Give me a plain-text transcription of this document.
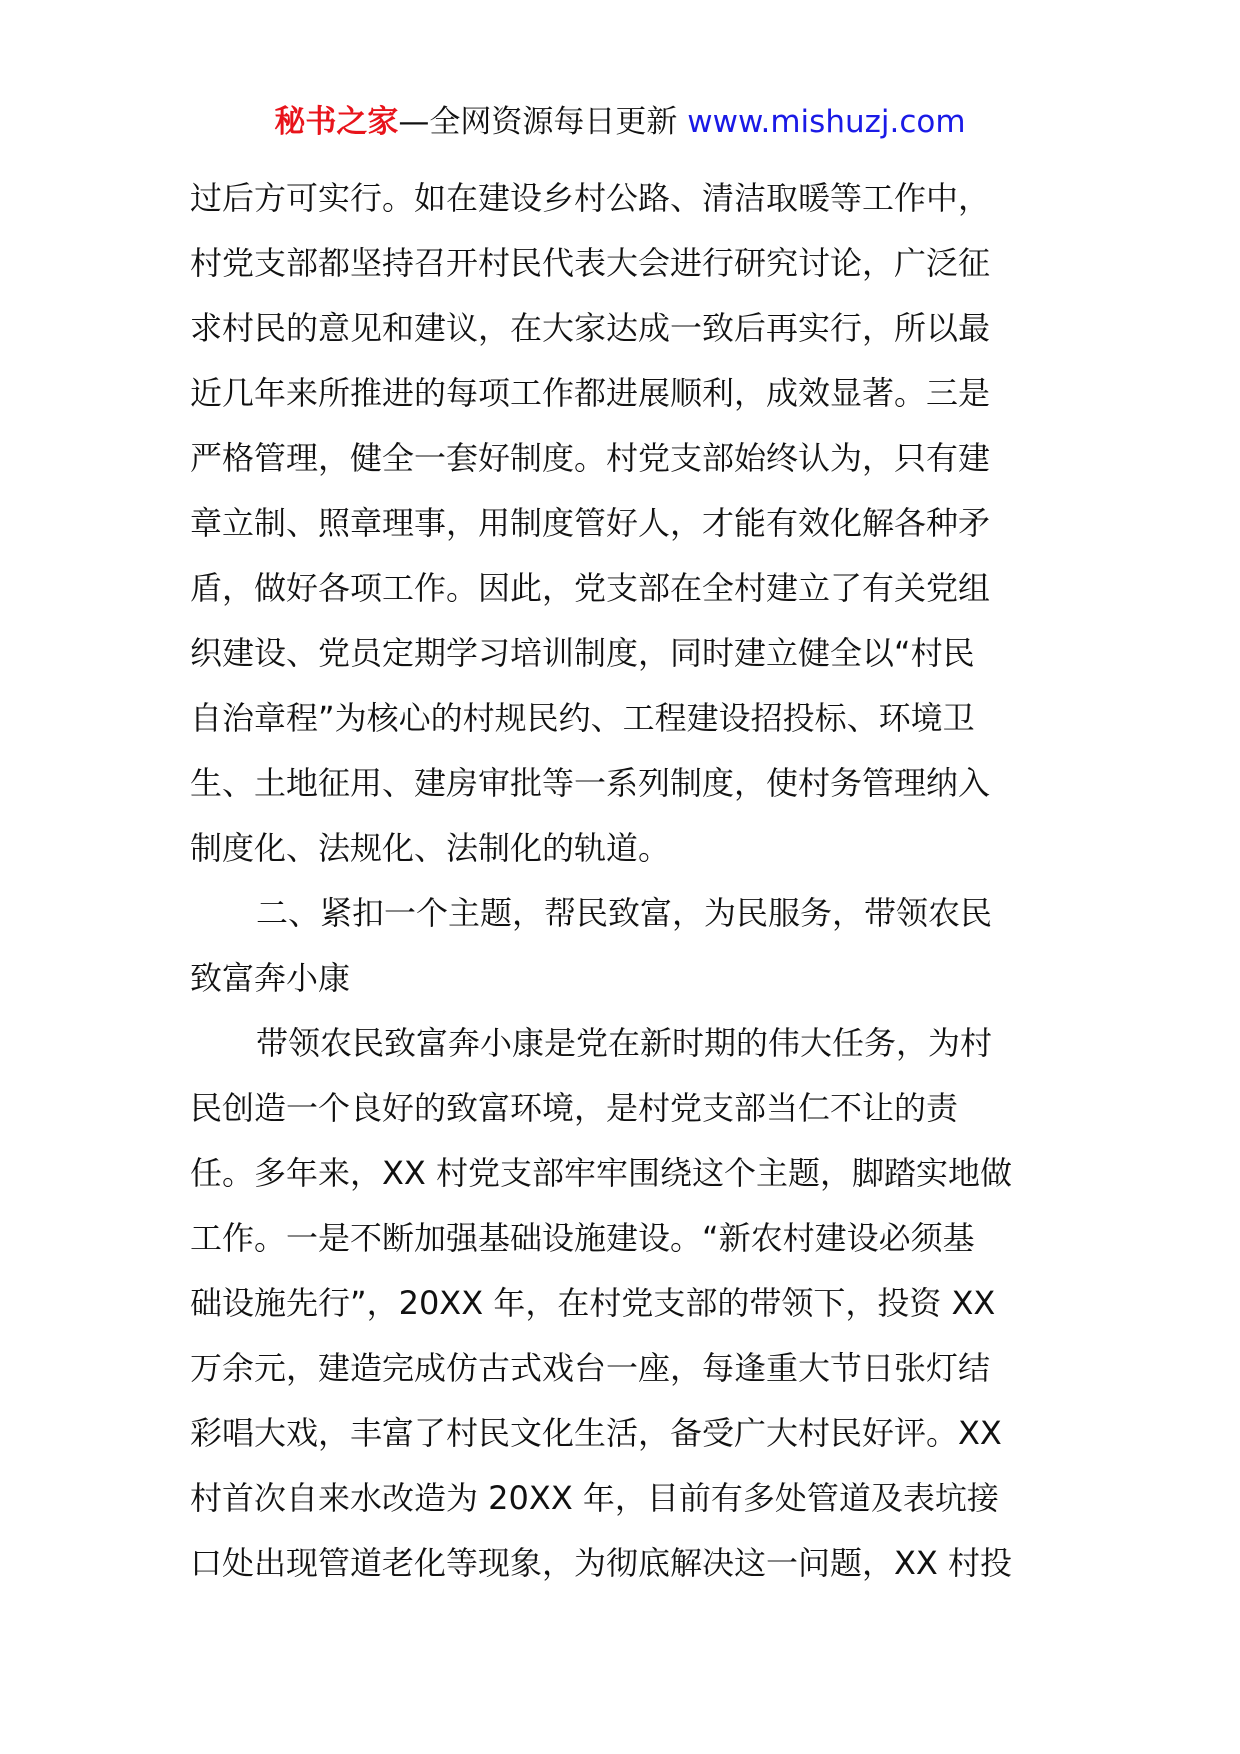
秘书之家—全网资源每日更新 www.mishuzj.com
过后方可实行。如在建设乡村公路、清洁取暖等工作中，
村党支部都坚持召开村民代表大会进行研究讨论，广泛征
求村民的意见和建议，在大家达成一致后再实行，所以最
近几年来所推进的每项工作都进展顺利，成效显著。三是
严格管理，健全一套好制度。村党支部始终认为，只有建
章立制、照章理事，用制度管好人，才能有效化解各种矛
盾，做好各项工作。因此，党支部在全村建立了有关党组
织建设、党员定期学习培训制度，同时建立健全以“村民
自治章程”为核心的村规民约、工程建设招投标、环境卫
生、土地征用、建房审批等一系列制度，使村务管理纳入
制度化、法规化、法制化的轨道。
二、紧扣一个主题，帮民致富，为民服务，带领农民
致富奔小康
带领农民致富奔小康是党在新时期的伟大任务，为村
民创造一个良好的致富环境，是村党支部当仁不让的责
任。多年来，XX 村党支部牢牢围绕这个主题，脚踏实地做
工作。一是不断加强基础设施建设。“新农村建设必须基
础设施先行”，20XX 年，在村党支部的带领下，投资 XX
万余元，建造完成仿古式戏台一座，每逢重大节日张灯结
彩唱大戏，丰富了村民文化生活，备受广大村民好评。XX
村首次自来水改造为 20XX 年，目前有多处管道及表坑接
口处出现管道老化等现象，为彻底解决这一问题，XX 村投
